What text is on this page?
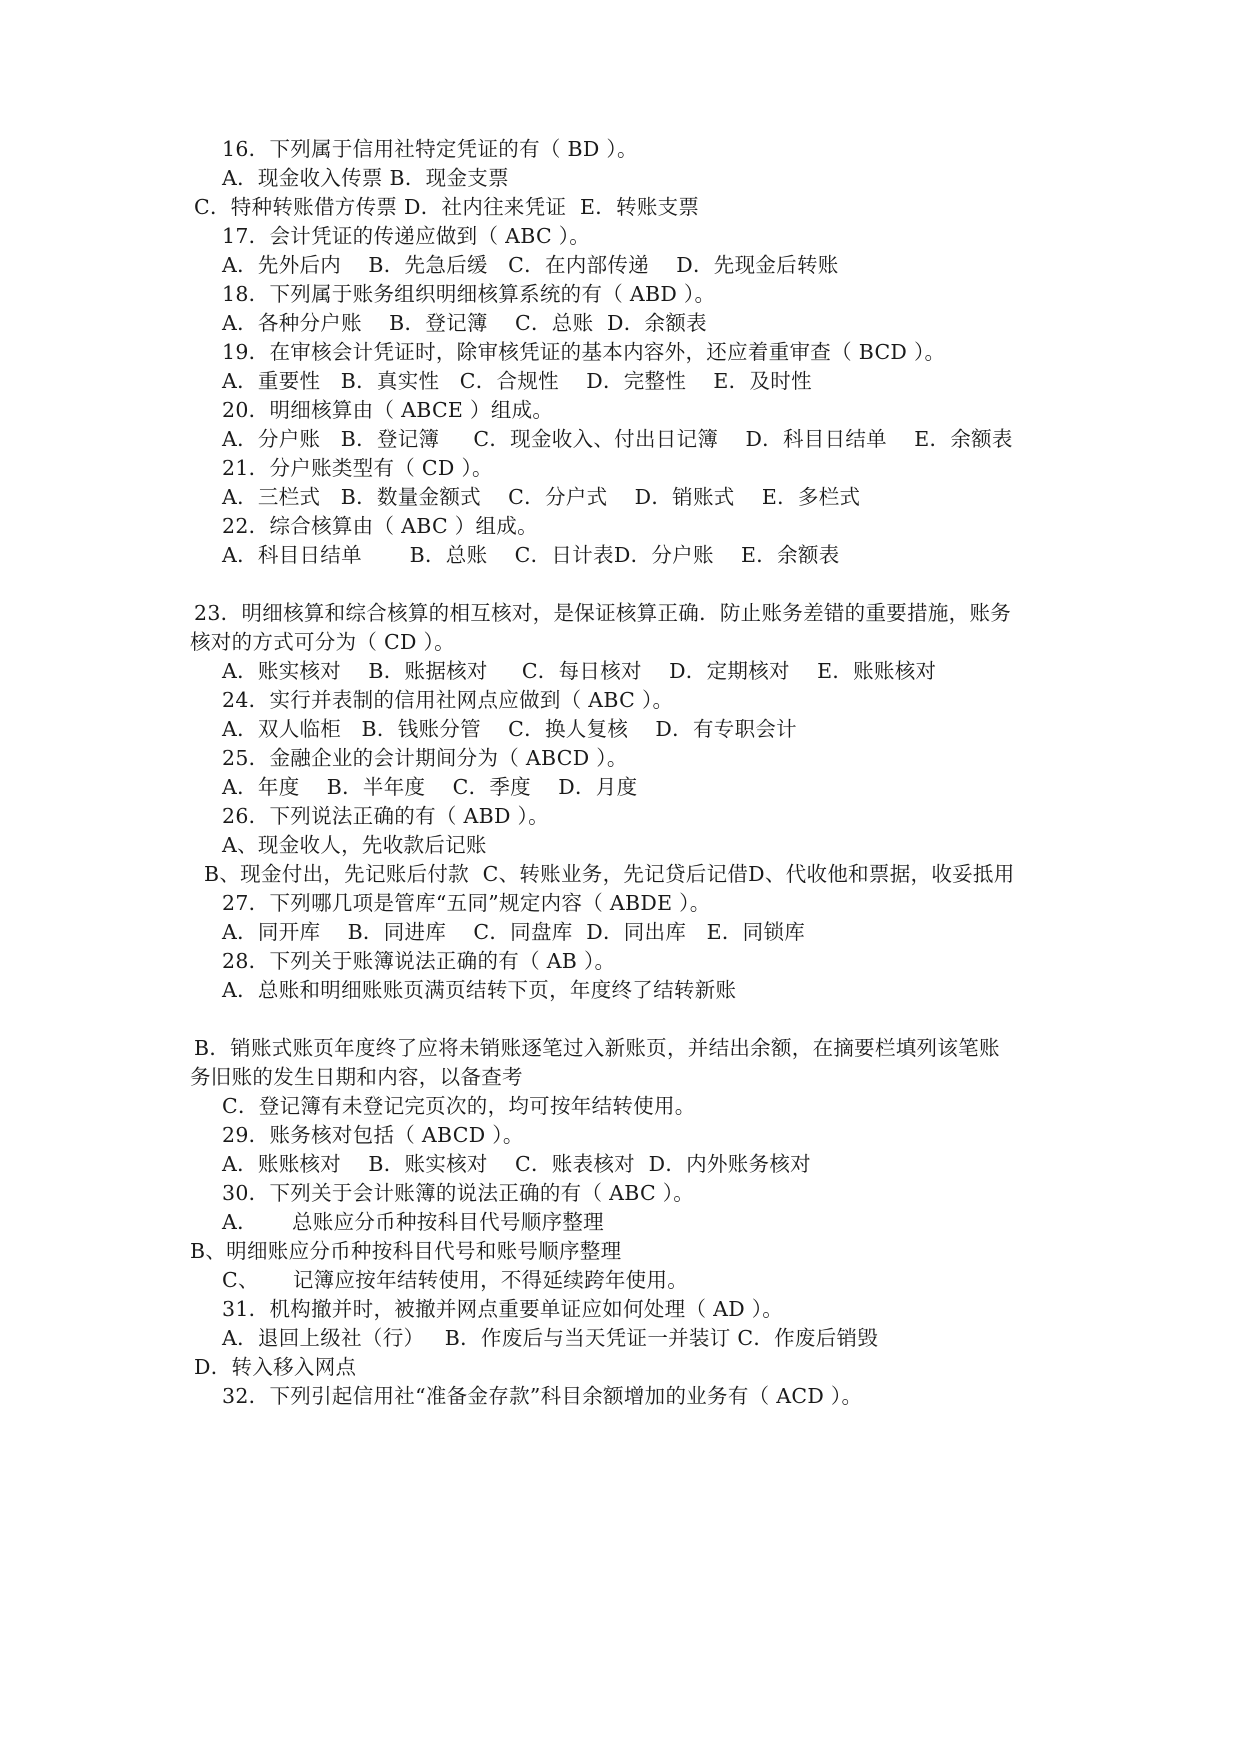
16．下列属于信用社特定凭证的有（ BD ）。
A．现金收入传票 B．现金支票
C．特种转账借方传票 D．社内往来凭证  E．转账支票
17．会计凭证的传递应做到（ ABC ）。
A．先外后内    B．先急后缓   C．在内部传递    D．先现金后转账
18．下列属于账务组织明细核算系统的有（ ABD ）。
A．各种分户账    B．登记簿    C．总账  D．余额表
19．在审核会计凭证时，除审核凭证的基本内容外，还应着重审查（ BCD ）。
A．重要性   B．真实性   C．合规性    D．完整性    E．及时性
20．明细核算由（ ABCE ）组成。
A．分户账   B．登记簿     C．现金收入、付出日记簿    D．科目日结单    E．余额表
21．分户账类型有（ CD ）。
A．三栏式   B．数量金额式    C．分户式    D．销账式    E．多栏式
22．综合核算由（ ABC ）组成。
A．科目日结单       B．总账    C．日计表D．分户账    E．余额表
23．明细核算和综合核算的相互核对，是保证核算正确．防止账务差错的重要措施，账务
核对的方式可分为（ CD ）。
A．账实核对    B．账据核对     C．每日核对    D．定期核对    E．账账核对
24．实行并表制的信用社网点应做到（ ABC ）。
A．双人临柜   B．钱账分管    C．换人复核    D．有专职会计
25．金融企业的会计期间分为（ ABCD ）。
A．年度    B．半年度    C．季度    D．月度
26．下列说法正确的有（ ABD ）。
A、现金收人，先收款后记账
B、现金付出，先记账后付款  C、转账业务，先记贷后记借D、代收他和票据，收妥抵用
27．下列哪几项是管库“五同”规定内容（ ABDE ）。
A．同开库    B．同进库    C．同盘库  D．同出库   E．同锁库
28．下列关于账簿说法正确的有（ AB ）。
A．总账和明细账账页满页结转下页，年度终了结转新账
B．销账式账页年度终了应将未销账逐笔过入新账页，并结出余额，在摘要栏填列该笔账
务旧账的发生日期和内容，以备查考
C．登记簿有未登记完页次的，均可按年结转使用。
29．账务核对包括（ ABCD ）。
A．账账核对    B．账实核对    C．账表核对  D．内外账务核对
30．下列关于会计账簿的说法正确的有（ ABC ）。
A．     总账应分币种按科目代号顺序整理
B、明细账应分币种按科目代号和账号顺序整理
C、     记簿应按年结转使用，不得延续跨年使用。
31．机构撤并时，被撤并网点重要单证应如何处理（ AD ）。
A．退回上级社（行）   B．作废后与当天凭证一并装订 C．作废后销毁
D．转入移入网点
32．下列引起信用社“准备金存款”科目余额增加的业务有（ ACD ）。
